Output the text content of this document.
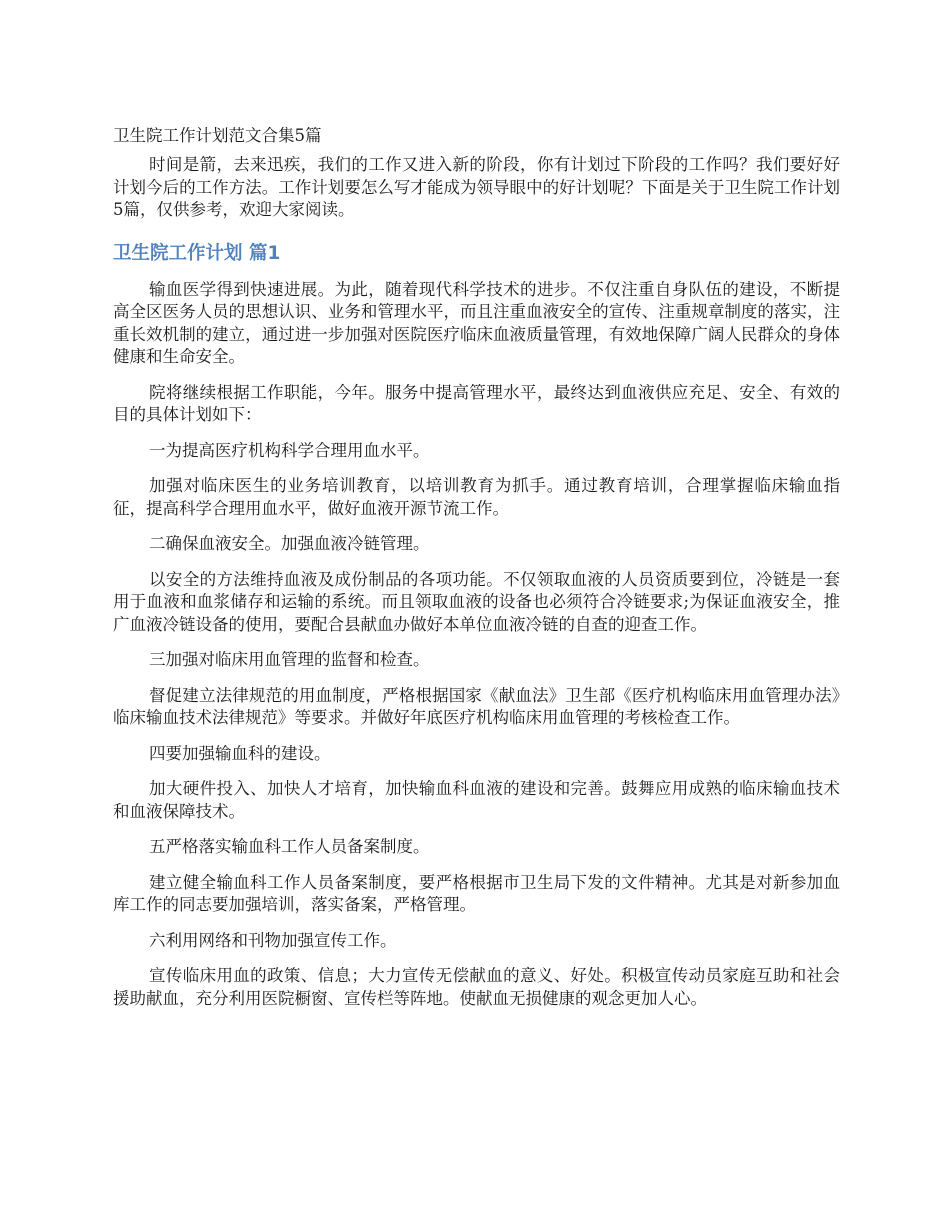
卫生院工作计划范文合集5篇

时间是箭，去来迅疾，我们的工作又进入新的阶段，你有计划过下阶段的工作吗？我们要好好计划今后的工作方法。工作计划要怎么写才能成为领导眼中的好计划呢？下面是关于卫生院工作计划5篇，仅供参考，欢迎大家阅读。

卫生院工作计划 篇1

输血医学得到快速进展。为此，随着现代科学技术的进步。不仅注重自身队伍的建设，不断提高全区医务人员的思想认识、业务和管理水平，而且注重血液安全的宣传、注重规章制度的落实，注重长效机制的建立，通过进一步加强对医院医疗临床血液质量管理，有效地保障广阔人民群众的身体健康和生命安全。

院将继续根据工作职能，今年。服务中提高管理水平，最终达到血液供应充足、安全、有效的目的具体计划如下：

一为提高医疗机构科学合理用血水平。

加强对临床医生的业务培训教育，以培训教育为抓手。通过教育培训，合理掌握临床输血指征，提高科学合理用血水平，做好血液开源节流工作。

二确保血液安全。加强血液冷链管理。

以安全的方法维持血液及成份制品的各项功能。不仅领取血液的人员资质要到位，冷链是一套用于血液和血浆储存和运输的系统。而且领取血液的设备也必须符合冷链要求;为保证血液安全，推广血液冷链设备的使用，要配合县献血办做好本单位血液冷链的自查的迎查工作。

三加强对临床用血管理的监督和检查。

督促建立法律规范的用血制度，严格根据国家《献血法》卫生部《医疗机构临床用血管理办法》临床输血技术法律规范》等要求。并做好年底医疗机构临床用血管理的考核检查工作。

四要加强输血科的建设。

加大硬件投入、加快人才培育，加快输血科血液的建设和完善。鼓舞应用成熟的临床输血技术和血液保障技术。

五严格落实输血科工作人员备案制度。

建立健全输血科工作人员备案制度，要严格根据市卫生局下发的文件精神。尤其是对新参加血库工作的同志要加强培训，落实备案，严格管理。

六利用网络和刊物加强宣传工作。

宣传临床用血的政策、信息；大力宣传无偿献血的意义、好处。积极宣传动员家庭互助和社会援助献血，充分利用医院橱窗、宣传栏等阵地。使献血无损健康的观念更加人心。
